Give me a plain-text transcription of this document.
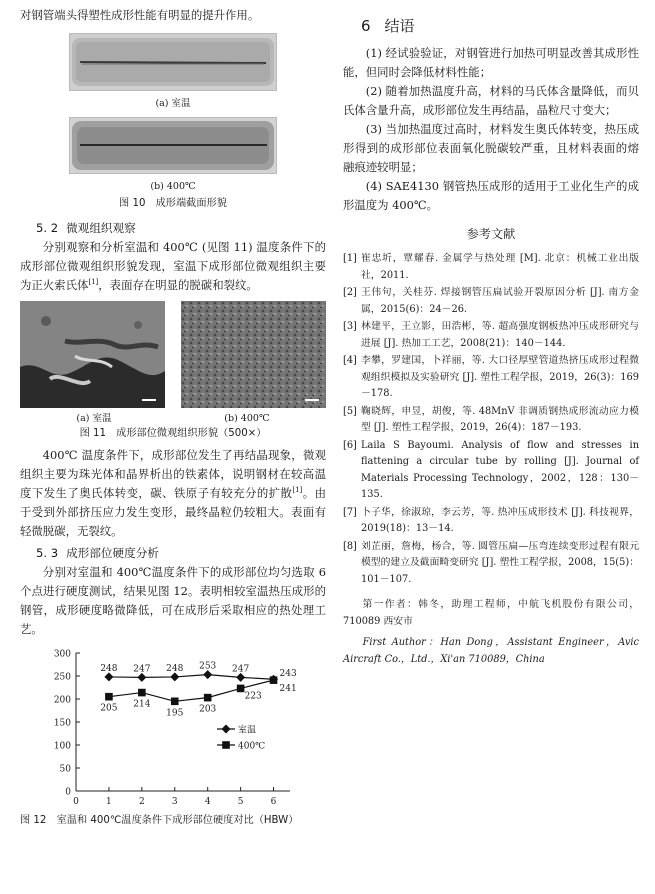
对钢管端头得塑性成形性能有明显的提升作用。

(a) 室温
(b) 400℃
图 10　成形端截面形貌
5. 2 微观组织观察

分别观察和分析室温和 400℃ (见图 11) 温度条件下的成形部位微观组织形貌发现，室温下成形部位微观组织主要为正火索氏体[1]，表面存在明显的脱碳和裂纹。

(a) 室温	(b) 400℃
图 11　成形部位微观组织形貌（500×）

400℃ 温度条件下，成形部位发生了再结晶现象，微观组织主要为珠光体和晶界析出的铁素体，说明钢材在较高温度下发生了奥氏体转变，碳、铁原子有较充分的扩散[1]。由于受到外部挤压应力发生变形，最终晶粒仍较粗大。表面有轻微脱碳，无裂纹。

5. 3 成形部位硬度分析

分别对室温和 400℃温度条件下的成形部位均匀选取 6 个点进行硬度测试，结果见图 12。表明相较室温热压成形的钢管，成形硬度略微降低，可在成形后采取相应的热处理工艺。

0
50
100
150
200
250
300
0	1	2	3	4	5	6
248 247 248 253 247	243
205 214
195 203
223
241
室温
400℃
图 12　室温和 400℃温度条件下成形部位硬度对比（HBW）
6 结语

(1) 经试验验证，对钢管进行加热可明显改善其成形性能，但同时会降低材料性能；

(2) 随着加热温度升高，材料的马氏体含量降低，而贝氏体含量升高，成形部位发生再结晶，晶粒尺寸变大；

(3) 当加热温度过高时，材料发生奥氏体转变，热压成形得到的成形部位表面氧化脱碳较严重，且材料表面的熔融痕迹较明显；

(4) SAE4130 钢管热压成形的适用于工业化生产的成形温度为 400℃。

参考文献
[1] 崔忠圻，覃耀春. 金属学与热处理 [M]. 北京：机械工业出版社，2011.
[2] 王伟句，关桂芬. 焊接钢管压扁试验开裂原因分析 [J]. 南方金属，2015(6)：24－26.
[3] 林建平，王立影，田浩彬，等. 超高强度钢板热冲压成形研究与进展 [J]. 热加工工艺，2008(21)：140－144.
[4] 李攀，罗建国，卜祥丽，等. 大口径厚壁管道热挤压成形过程微观组织模拟及实验研究 [J]. 塑性工程学报，2019，26(3)：169－178.
[5] 鞠晓辉，申昱，胡俊，等. 48MnV 非调质钢热成形流动应力模型 [J]. 塑性工程学报，2019，26(4)：187－193.
[6] Laila S Bayoumi. Analysis of flow and stresses in flattening a circular tube by rolling [J]. Journal of Materials Processing Technology，2002，128：130－135.
[7] 卜子华，徐淑琼，李云芳，等. 热冲压成形技术 [J]. 科技视界，2019(18)：13－14.
[8] 刘芷丽，詹梅，杨合，等. 圆管压扁—压弯连续变形过程有限元模型的建立及截面畸变研究 [J]. 塑性工程学报，2008，15(5)：101－107.

第一作者：韩冬，助理工程师，中航飞机股份有限公司，710089 西安市

First Author：Han Dong，Assistant Engineer，Avic Aircraft Co.，Ltd.，Xi'an 710089，China
